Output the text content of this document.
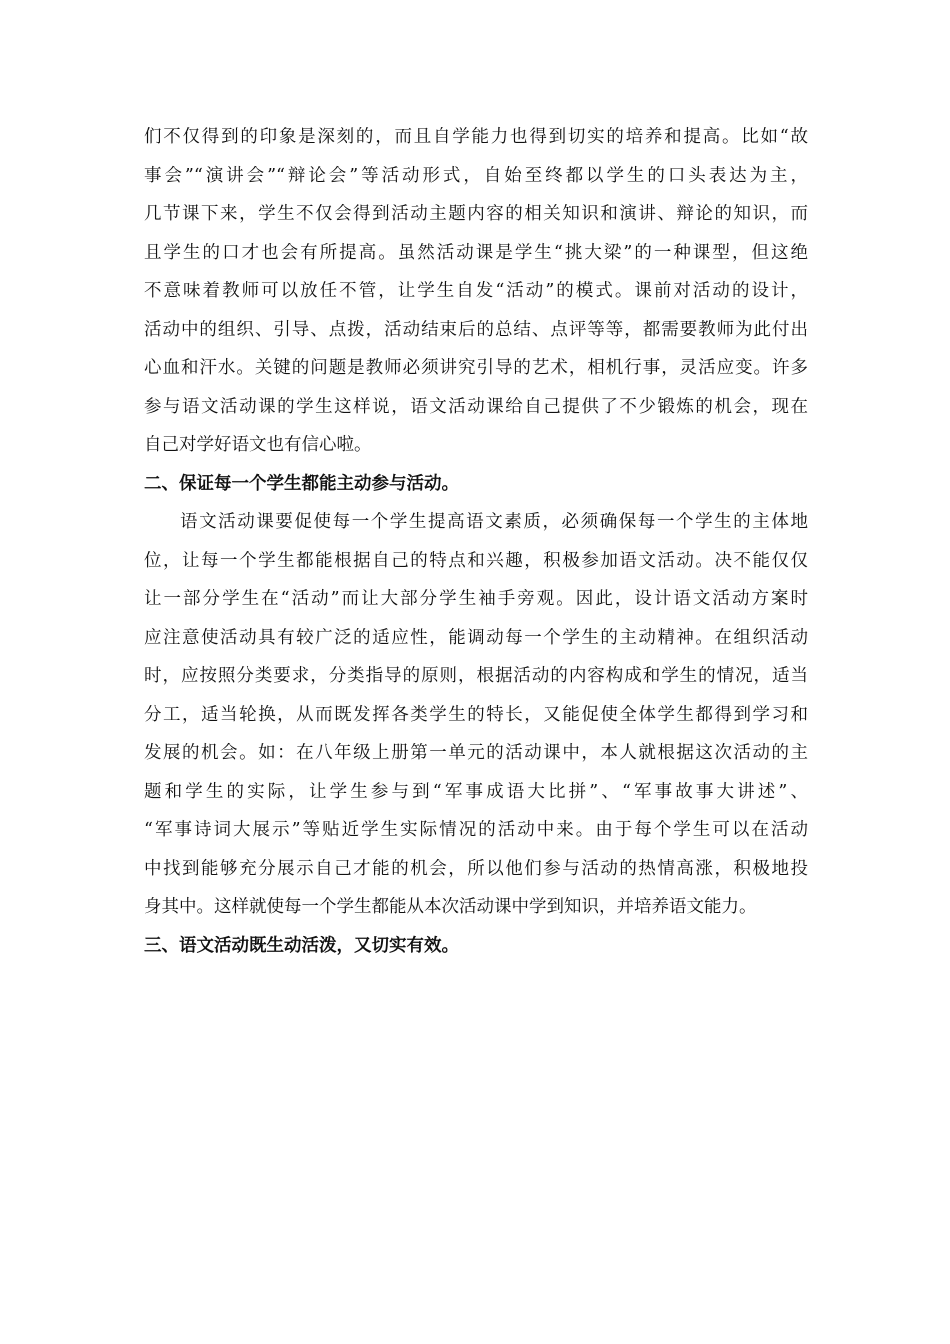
们不仅得到的印象是深刻的，而且自学能力也得到切实的培养和提高。比如“故
事会”“演讲会”“辩论会”等活动形式，自始至终都以学生的口头表达为主，
几节课下来，学生不仅会得到活动主题内容的相关知识和演讲、辩论的知识，而
且学生的口才也会有所提高。虽然活动课是学生“挑大梁”的一种课型，但这绝
不意味着教师可以放任不管，让学生自发“活动”的模式。课前对活动的设计，
活动中的组织、引导、点拨，活动结束后的总结、点评等等，都需要教师为此付出
心血和汗水。关键的问题是教师必须讲究引导的艺术，相机行事，灵活应变。许多
参与语文活动课的学生这样说，语文活动课给自己提供了不少锻炼的机会，现在
自己对学好语文也有信心啦。
二、保证每一个学生都能主动参与活动。
语文活动课要促使每一个学生提高语文素质，必须确保每一个学生的主体地
位，让每一个学生都能根据自己的特点和兴趣，积极参加语文活动。决不能仅仅
让一部分学生在“活动”而让大部分学生袖手旁观。因此，设计语文活动方案时
应注意使活动具有较广泛的适应性，能调动每一个学生的主动精神。在组织活动
时，应按照分类要求，分类指导的原则，根据活动的内容构成和学生的情况，适当
分工，适当轮换，从而既发挥各类学生的特长，又能促使全体学生都得到学习和
发展的机会。如：在八年级上册第一单元的活动课中，本人就根据这次活动的主
题和学生的实际，让学生参与到“军事成语大比拼”、“军事故事大讲述”、
“军事诗词大展示”等贴近学生实际情况的活动中来。由于每个学生可以在活动
中找到能够充分展示自己才能的机会，所以他们参与活动的热情高涨，积极地投
身其中。这样就使每一个学生都能从本次活动课中学到知识，并培养语文能力。
三、语文活动既生动活泼，又切实有效。
